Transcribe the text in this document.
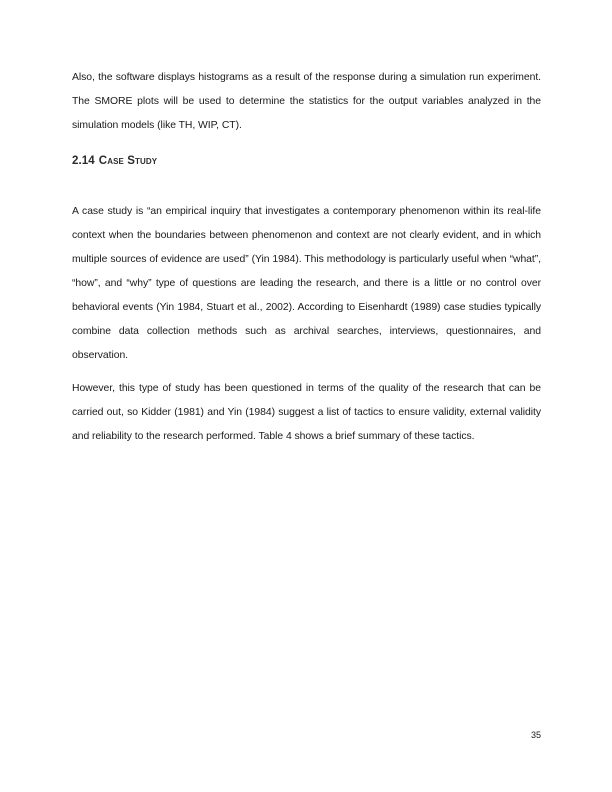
Also, the software displays histograms as a result of the response during a simulation run experiment. The SMORE plots will be used to determine the statistics for the output variables analyzed in the simulation models (like TH, WIP, CT).

2.14 Case Study

A case study is “an empirical inquiry that investigates a contemporary phenomenon within its real-life context when the boundaries between phenomenon and context are not clearly evident, and in which multiple sources of evidence are used” (Yin 1984). This methodology is particularly useful when “what”, “how”, and “why” type of questions are leading the research, and there is a little or no control over behavioral events (Yin 1984, Stuart et al., 2002). According to Eisenhardt (1989) case studies typically combine data collection methods such as archival searches, interviews, questionnaires, and observation.

However, this type of study has been questioned in terms of the quality of the research that can be carried out, so Kidder (1981) and Yin (1984) suggest a list of tactics to ensure validity, external validity and reliability to the research performed. Table 4 shows a brief summary of these tactics.

35
